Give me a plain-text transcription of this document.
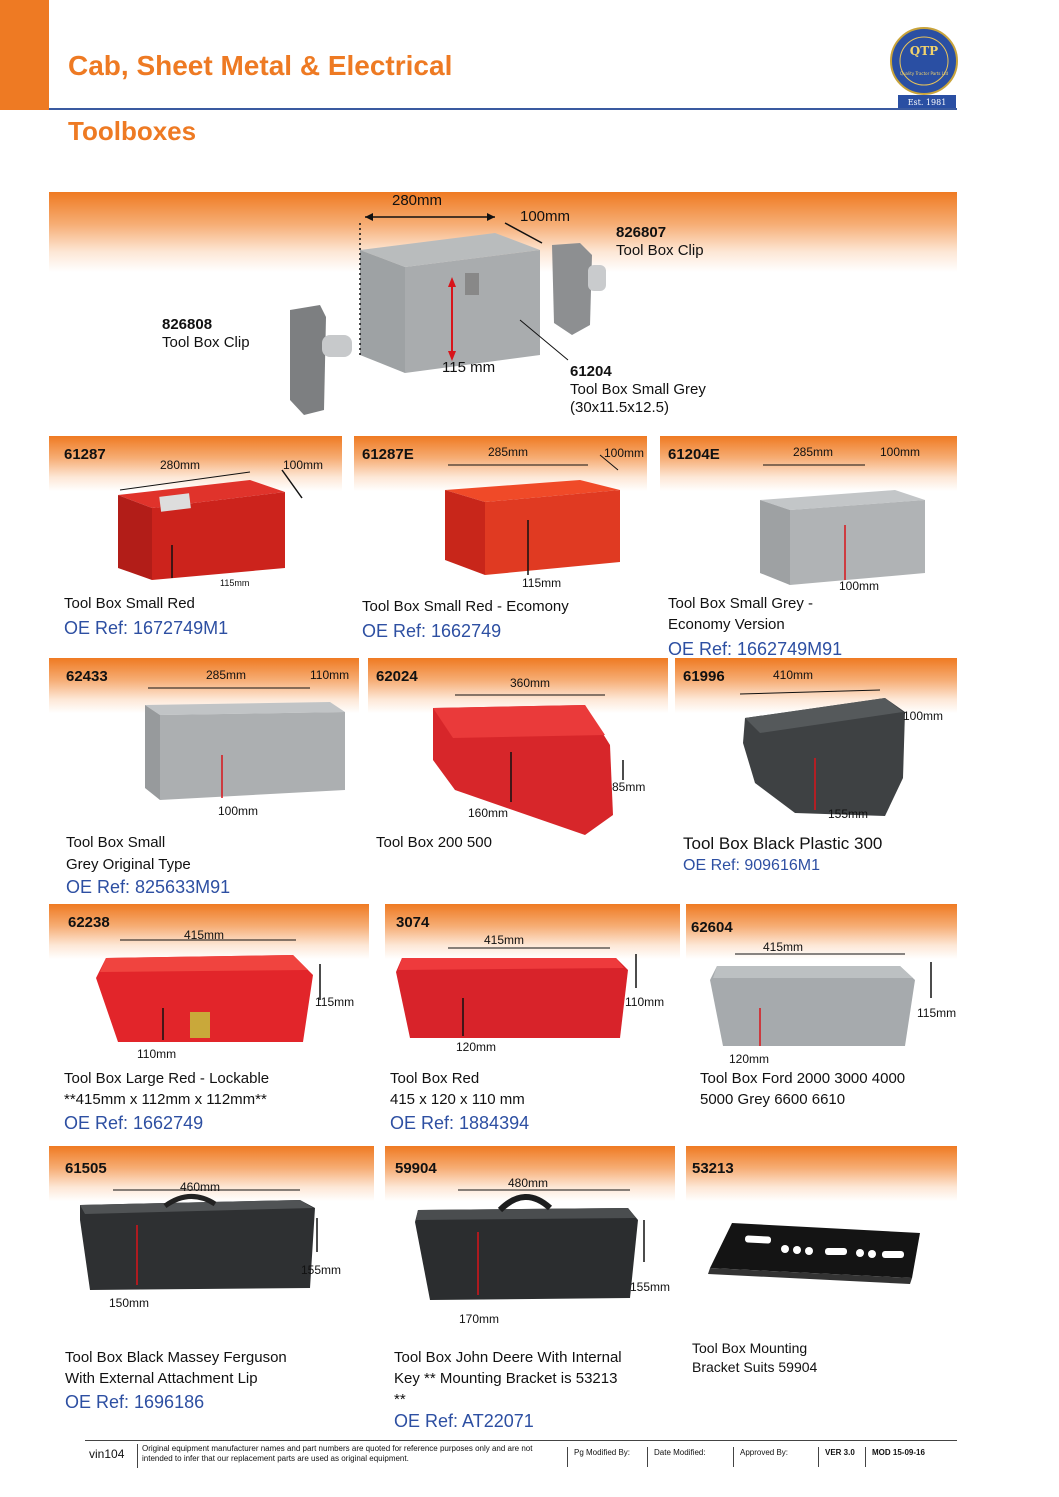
Cab, Sheet Metal & Electrical	QTP
Quality Tractor Parts Ltd
Est. 1981
Toolboxes
280mm
100mm
115 mm
826807
Tool Box Clip
826808
Tool Box Clip
61204
Tool Box Small Grey
(30x11.5x12.5)
61287
280mm	100mm
115mm
Tool Box Small Red
OE Ref: 1672749M1
61287E	285mm	100mm
115mm
Tool Box Small Red - Ecomony
OE Ref: 1662749
61204E	285mm	100mm
100mm
Tool Box Small Grey -
Economy Version
OE Ref: 1662749M91
62433	285mm	110mm
100mm
Tool Box Small
Grey Original Type
OE Ref: 825633M91
62024	360mm
85mm
160mm
Tool Box 200 500
61996	410mm
100mm
155mm
Tool Box Black Plastic 300
OE Ref: 909616M1
62238
415mm
110mm
115mm
Tool Box Large Red - Lockable
**415mm x 112mm x 112mm**
OE Ref: 1662749
3074
415mm
120mm
110mm
Tool Box Red
415 x 120 x 110 mm
OE Ref: 1884394
62604
415mm
120mm
115mm
Tool Box Ford 2000 3000 4000
5000 Grey 6600 6610
61505
460mm
150mm
155mm
Tool Box Black Massey Ferguson
With External Attachment Lip
OE Ref: 1696186
59904
480mm
170mm
155mm
Tool Box John Deere With Internal
Key ** Mounting Bracket is 53213
**
OE Ref: AT22071
53213
Tool Box Mounting
Bracket Suits 59904
vin104	Original equipment manufacturer names and part numbers are quoted for reference purposes only and are not intended to infer that our replacement parts are used as original equipment.
Pg Modified By:	Date Modified:	Approved By:	VER 3.0	MOD 15-09-16
